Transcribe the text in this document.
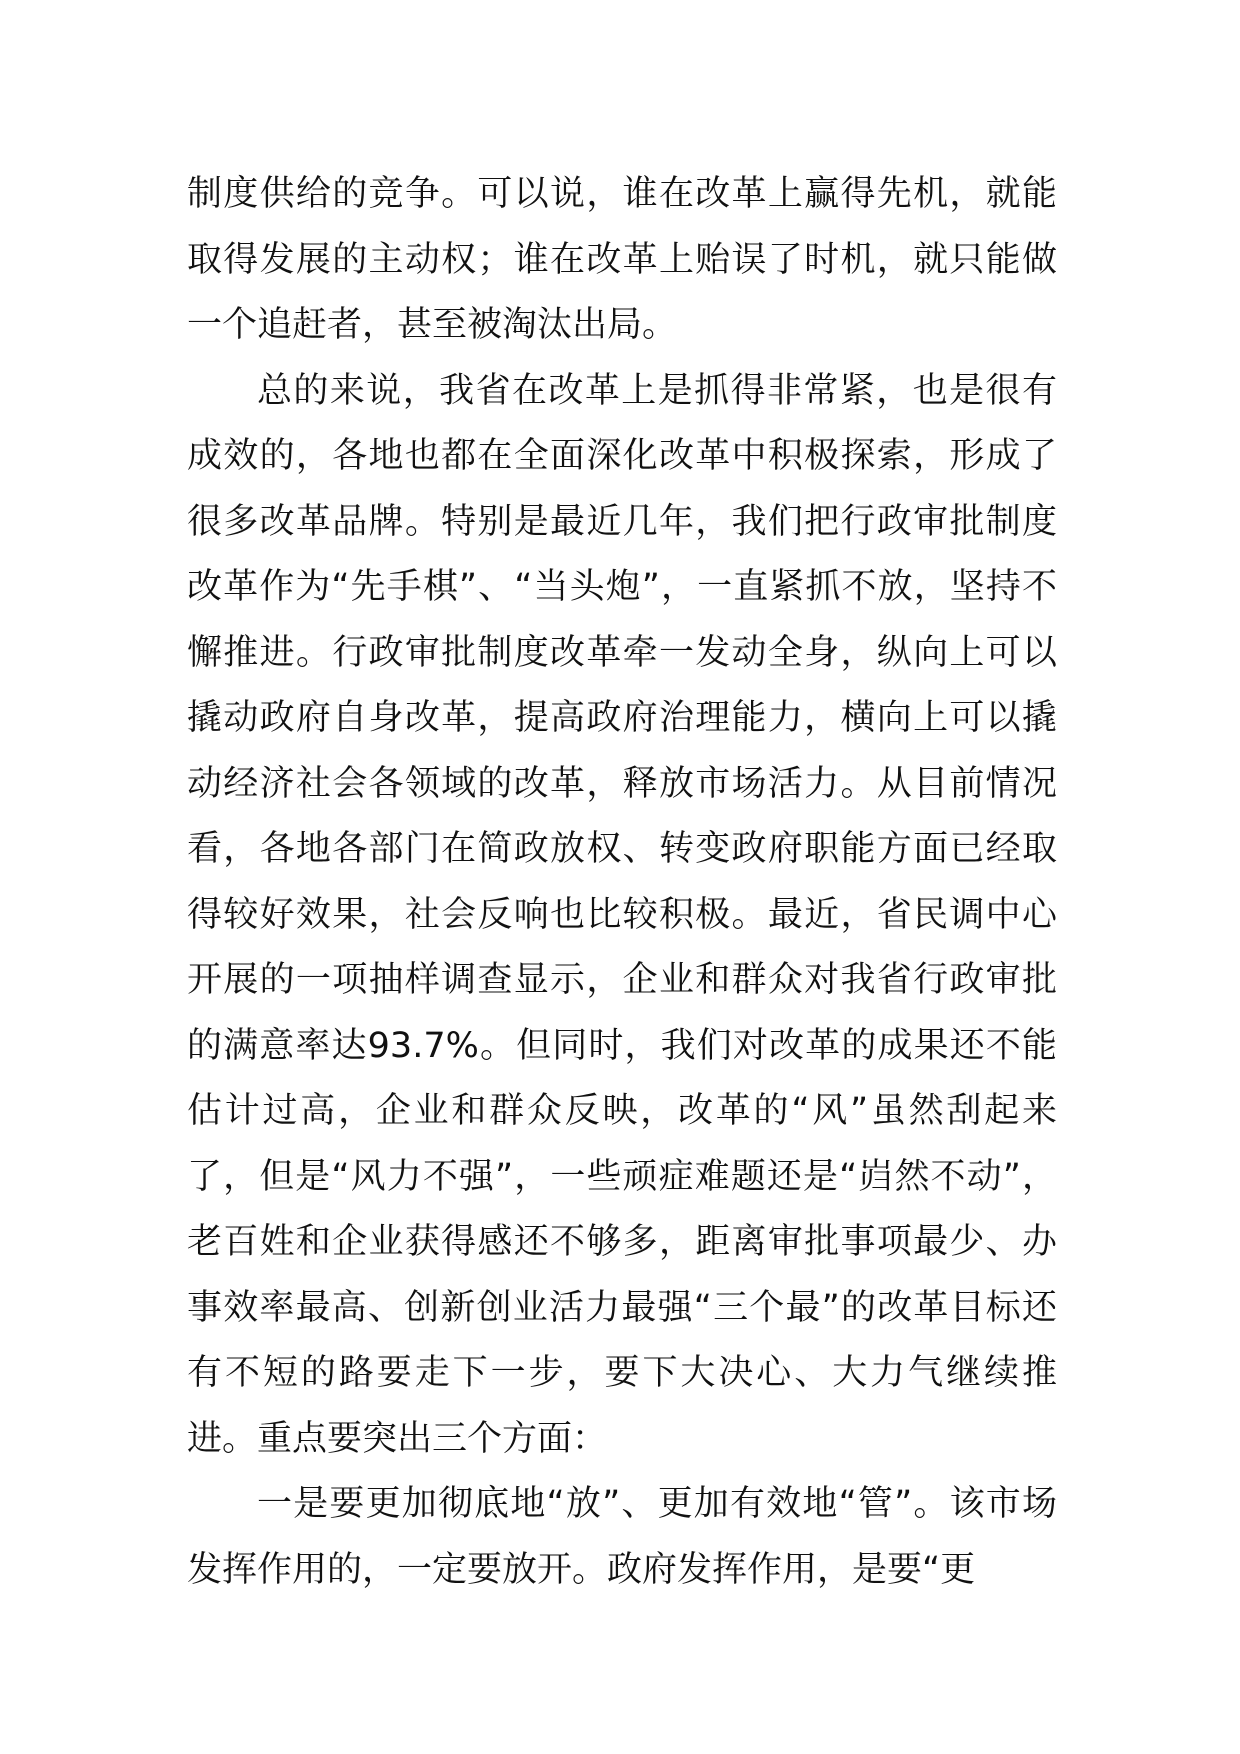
制度供给的竞争。可以说，谁在改革上赢得先机，就能取得发展的主动权；谁在改革上贻误了时机，就只能做一个追赶者，甚至被淘汰出局。

总的来说，我省在改革上是抓得非常紧，也是很有成效的，各地也都在全面深化改革中积极探索，形成了很多改革品牌。特别是最近几年，我们把行政审批制度改革作为“先手棋”、“当头炮”，一直紧抓不放，坚持不懈推进。行政审批制度改革牵一发动全身，纵向上可以撬动政府自身改革，提高政府治理能力，横向上可以撬动经济社会各领域的改革，释放市场活力。从目前情况看，各地各部门在简政放权、转变政府职能方面已经取得较好效果，社会反响也比较积极。最近，省民调中心开展的一项抽样调查显示，企业和群众对我省行政审批的满意率达93.7%。但同时，我们对改革的成果还不能估计过高，企业和群众反映，改革的“风”虽然刮起来了，但是“风力不强”，一些顽症难题还是“岿然不动”，老百姓和企业获得感还不够多，距离审批事项最少、办事效率最高、创新创业活力最强“三个最”的改革目标还有不短的路要走下一步，要下大决心、大力气继续推进。重点要突出三个方面：

一是要更加彻底地“放”、更加有效地“管”。该市场发挥作用的，一定要放开。政府发挥作用，是要“更
